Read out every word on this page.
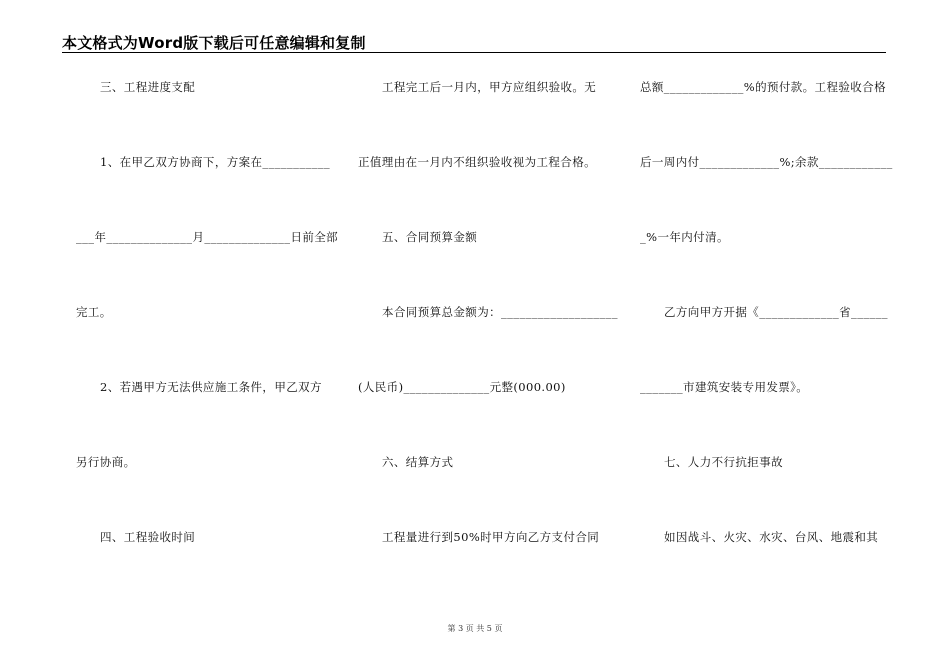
本文格式为Word版下载后可任意编辑和复制
三、工程进度支配
1、在甲乙双方协商下，方案在___________
___年______________月______________日前全部
完工。
2、若遇甲方无法供应施工条件，甲乙双方
另行协商。
四、工程验收时间
工程完工后一月内，甲方应组织验收。无
正值理由在一月内不组织验收视为工程合格。
五、合同预算金额
本合同预算总金额为：___________________
(人民币)______________元整(000.00)
六、结算方式
工程量进行到50%时甲方向乙方支付合同
总额_____________%的预付款。工程验收合格
后一周内付_____________%;余款____________
_%一年内付清。
乙方向甲方开据《_____________省______
_______市建筑安装专用发票》。
七、人力不行抗拒事故
如因战斗、火灾、水灾、台风、地震和其
第 3 页 共 5 页
